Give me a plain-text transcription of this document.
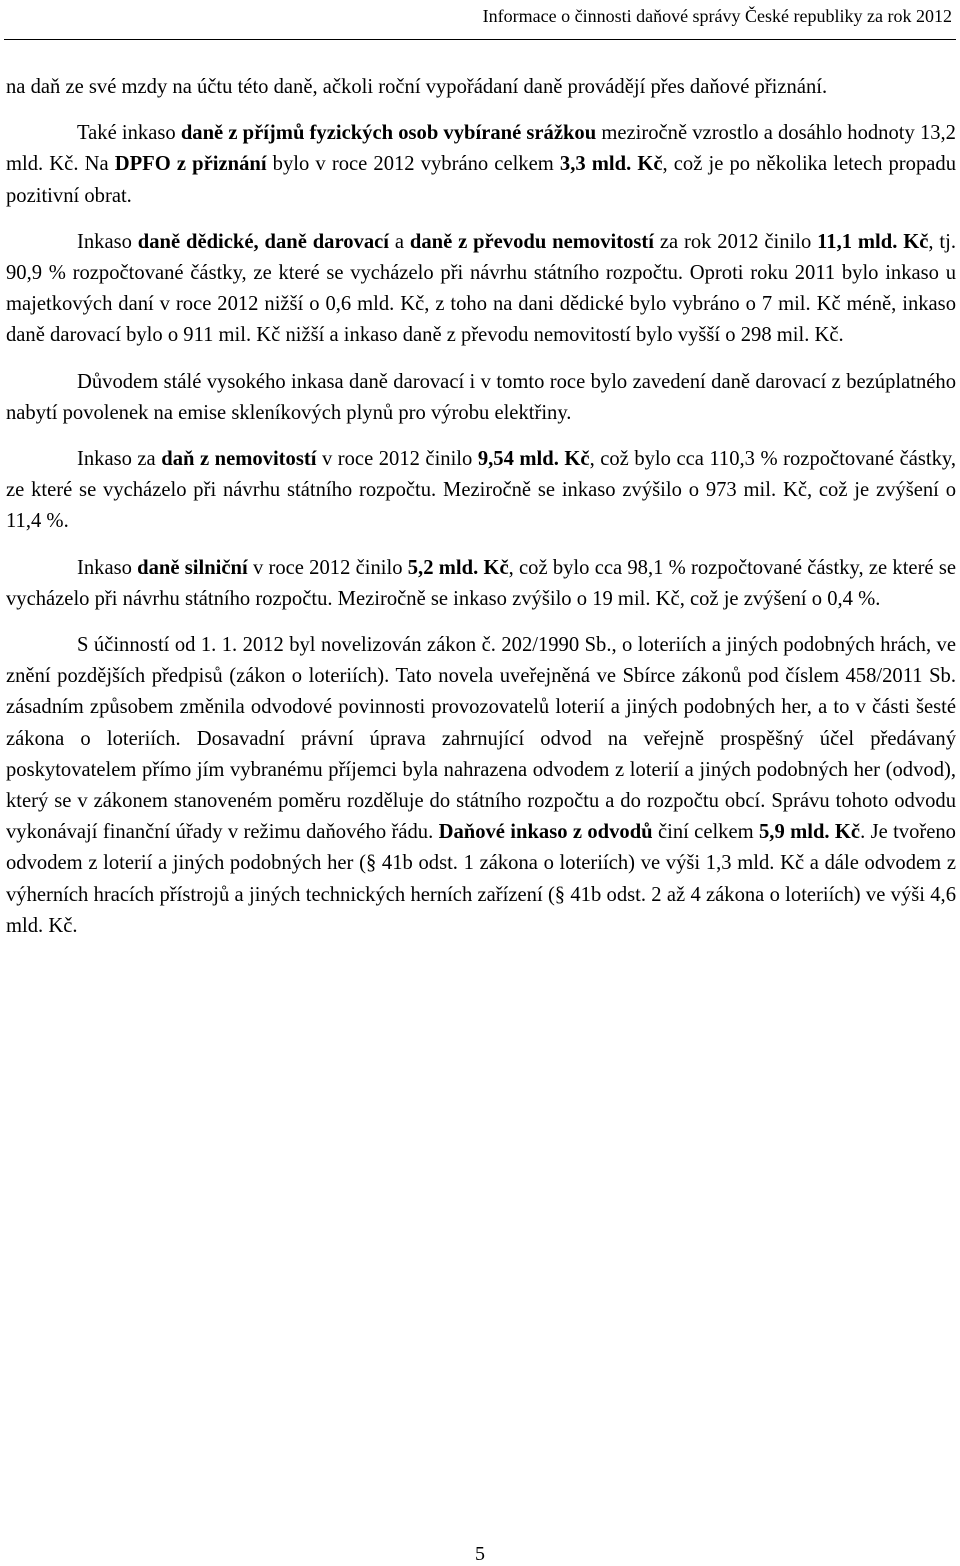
Informace o činnosti daňové správy České republiky za rok 2012

na daň ze své mzdy na účtu této daně, ačkoli roční vypořádaní daně provádějí přes daňové přiznání.

Také inkaso daně z příjmů fyzických osob vybírané srážkou meziročně vzrostlo a dosáhlo hodnoty 13,2 mld. Kč. Na DPFO z přiznání bylo v roce 2012 vybráno celkem 3,3 mld. Kč, což je po několika letech propadu pozitivní obrat.

Inkaso daně dědické, daně darovací a daně z převodu nemovitostí za rok 2012 činilo 11,1 mld. Kč, tj. 90,9 % rozpočtované částky, ze které se vycházelo při návrhu státního rozpočtu. Oproti roku 2011 bylo inkaso u majetkových daní v roce 2012 nižší o 0,6 mld. Kč, z toho na dani dědické bylo vybráno o 7 mil. Kč méně, inkaso daně darovací bylo o 911 mil. Kč nižší a inkaso daně z převodu nemovitostí bylo vyšší o 298 mil. Kč.

Důvodem stálé vysokého inkasa daně darovací i v tomto roce bylo zavedení daně darovací z bezúplatného nabytí povolenek na emise skleníkových plynů pro výrobu elektřiny.

Inkaso za daň z nemovitostí v roce 2012 činilo 9,54 mld. Kč, což bylo cca 110,3 % rozpočtované částky, ze které se vycházelo při návrhu státního rozpočtu. Meziročně se inkaso zvýšilo o 973 mil. Kč, což je zvýšení o 11,4 %.

Inkaso daně silniční v roce 2012 činilo 5,2 mld. Kč, což bylo cca 98,1 % rozpočtované částky, ze které se vycházelo při návrhu státního rozpočtu. Meziročně se inkaso zvýšilo o 19 mil. Kč, což je zvýšení o 0,4 %.

S účinností od 1. 1. 2012 byl novelizován zákon č. 202/1990 Sb., o loteriích a jiných podobných hrách, ve znění pozdějších předpisů (zákon o loteriích). Tato novela uveřejněná ve Sbírce zákonů pod číslem 458/2011 Sb. zásadním způsobem změnila odvodové povinnosti provozovatelů loterií a jiných podobných her, a to v části šesté zákona o loteriích. Dosavadní právní úprava zahrnující odvod na veřejně prospěšný účel předávaný poskytovatelem přímo jím vybranému příjemci byla nahrazena odvodem z loterií a jiných podobných her (odvod), který se v zákonem stanoveném poměru rozděluje do státního rozpočtu a do rozpočtu obcí. Správu tohoto odvodu vykonávají finanční úřady v režimu daňového řádu. Daňové inkaso z odvodů činí celkem 5,9 mld. Kč. Je tvořeno odvodem z loterií a jiných podobných her (§ 41b odst. 1 zákona o loteriích) ve výši 1,3 mld. Kč a dále odvodem z výherních hracích přístrojů a jiných technických herních zařízení (§ 41b odst. 2 až 4 zákona o loteriích) ve výši 4,6 mld. Kč.

5
